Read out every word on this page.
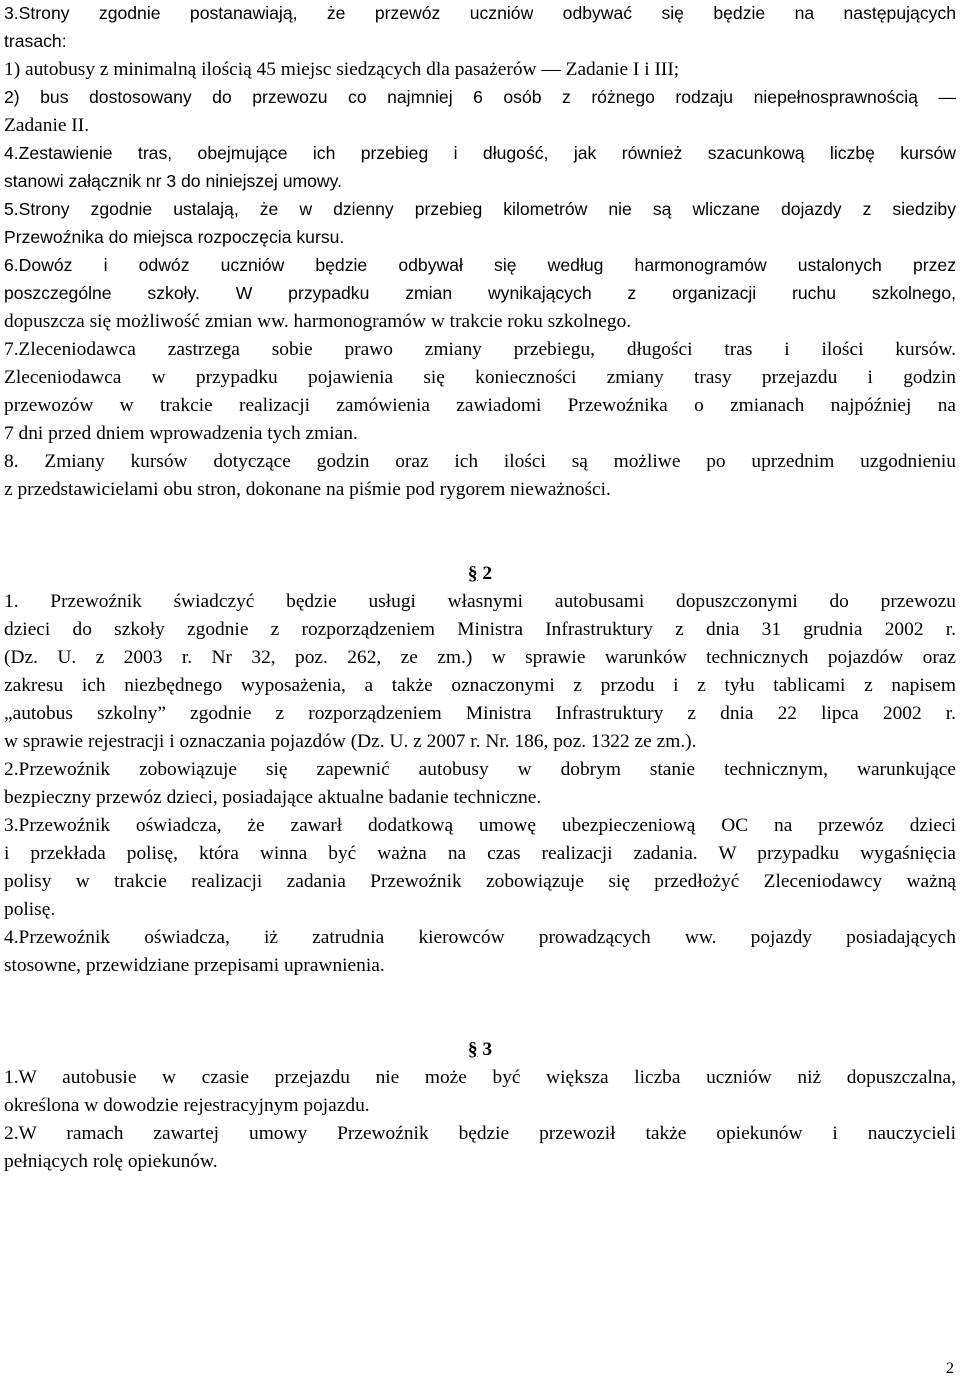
3.Strony zgodnie postanawiają, że przewóz uczniów odbywać się będzie na następujących
trasach:
1) autobusy z minimalną ilością 45 miejsc siedzących dla pasażerów — Zadanie I i III;
2) bus dostosowany do przewozu co najmniej 6 osób z różnego rodzaju niepełnosprawnością —
Zadanie II.
4.Zestawienie tras, obejmujące ich przebieg i długość, jak również szacunkową liczbę kursów
stanowi załącznik nr 3 do niniejszej umowy.
5.Strony zgodnie ustalają, że w dzienny przebieg kilometrów nie są wliczane dojazdy z siedziby
Przewoźnika do miejsca rozpoczęcia kursu.
6.Dowóz i odwóz uczniów będzie odbywał się według harmonogramów ustalonych przez
poszczególne szkoły. W przypadku zmian wynikających z organizacji ruchu szkolnego,
dopuszcza się możliwość zmian ww. harmonogramów w trakcie roku szkolnego.
7.Zleceniodawca zastrzega sobie prawo zmiany przebiegu, długości tras i ilości kursów.
Zleceniodawca w przypadku pojawienia się konieczności zmiany trasy przejazdu i godzin
przewozów w trakcie realizacji zamówienia zawiadomi Przewoźnika o zmianach najpóźniej na
7 dni przed dniem wprowadzenia tych zmian.
8. Zmiany kursów dotyczące godzin oraz ich ilości są możliwe po uprzednim uzgodnieniu
z przedstawicielami obu stron, dokonane na piśmie pod rygorem nieważności.
§ 2
1. Przewoźnik świadczyć będzie usługi własnymi autobusami dopuszczonymi do przewozu
dzieci do szkoły zgodnie z rozporządzeniem Ministra Infrastruktury z dnia 31 grudnia 2002 r.
(Dz. U. z 2003 r. Nr 32, poz. 262, ze zm.) w sprawie warunków technicznych pojazdów oraz
zakresu ich niezbędnego wyposażenia, a także oznaczonymi z przodu i z tyłu tablicami z napisem
„autobus szkolny” zgodnie z rozporządzeniem Ministra Infrastruktury z dnia 22 lipca 2002 r.
w sprawie rejestracji i oznaczania pojazdów (Dz. U. z 2007 r. Nr. 186, poz. 1322 ze zm.).
2.Przewoźnik zobowiązuje się zapewnić autobusy w dobrym stanie technicznym, warunkujące
bezpieczny przewóz dzieci, posiadające aktualne badanie techniczne.
3.Przewoźnik oświadcza, że zawarł dodatkową umowę ubezpieczeniową OC na przewóz dzieci
i przekłada polisę, która winna być ważna na czas realizacji zadania. W przypadku wygaśnięcia
polisy w trakcie realizacji zadania Przewoźnik zobowiązuje się przedłożyć Zleceniodawcy ważną
polisę.
4.Przewoźnik oświadcza, iż zatrudnia kierowców prowadzących ww. pojazdy posiadających
stosowne, przewidziane przepisami uprawnienia.
§ 3
1.W autobusie w czasie przejazdu nie może być większa liczba uczniów niż dopuszczalna,
określona w dowodzie rejestracyjnym pojazdu.
2.W ramach zawartej umowy Przewoźnik będzie przewoził także opiekunów i nauczycieli
pełniących rolę opiekunów.
2
